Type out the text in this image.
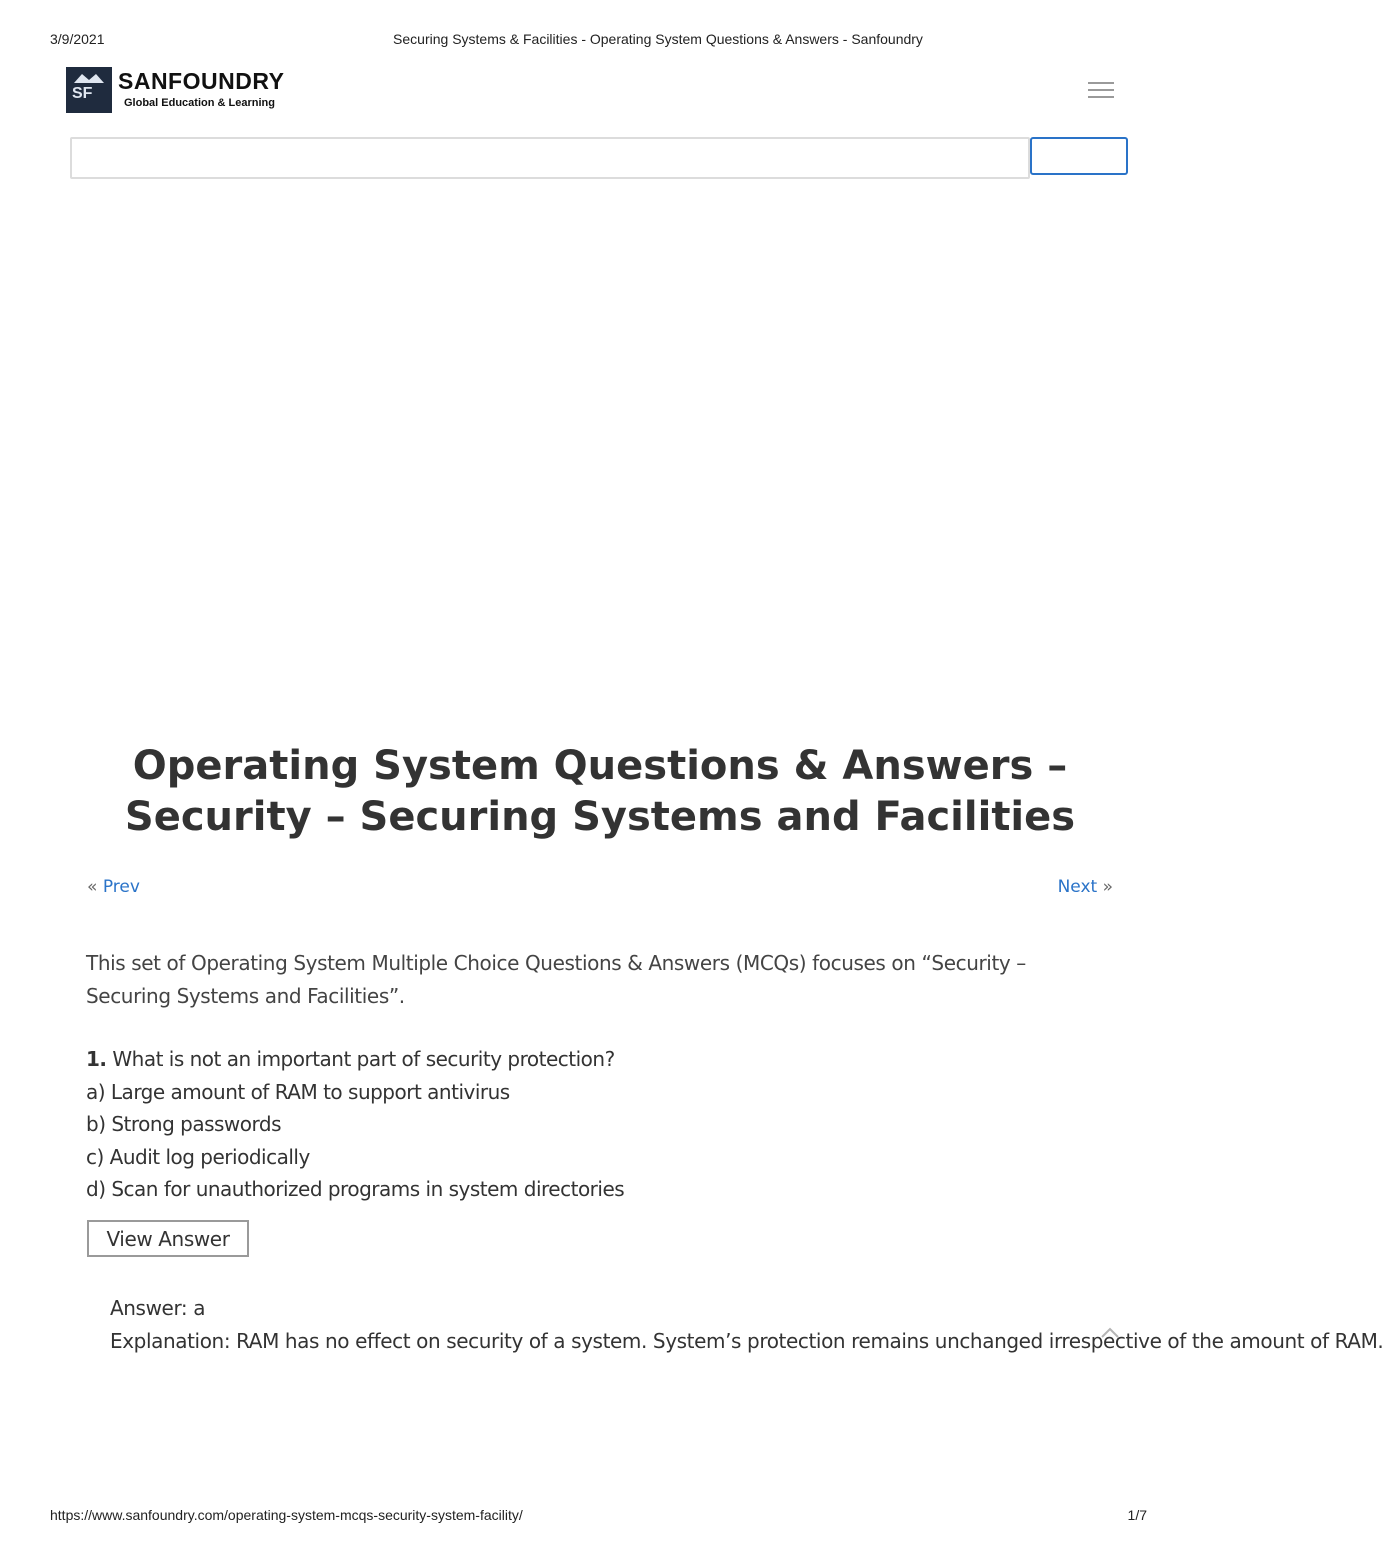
3/9/2021	Securing Systems & Facilities - Operating System Questions & Answers - Sanfoundry
SF SANFOUNDRY
Global Education & Learning
Operating System Questions & Answers –
Security – Securing Systems and Facilities
« Prev	Next »

This set of Operating System Multiple Choice Questions & Answers (MCQs) focuses on “Security – Securing Systems and Facilities”.

1. What is not an important part of security protection?
a) Large amount of RAM to support antivirus
b) Strong passwords
c) Audit log periodically
d) Scan for unauthorized programs in system directories
View Answer
Answer: a
Explanation: RAM has no effect on security of a system. System’s protection remains unchanged irrespective of the amount of RAM.
https://www.sanfoundry.com/operating-system-mcqs-security-system-facility/	1/7
